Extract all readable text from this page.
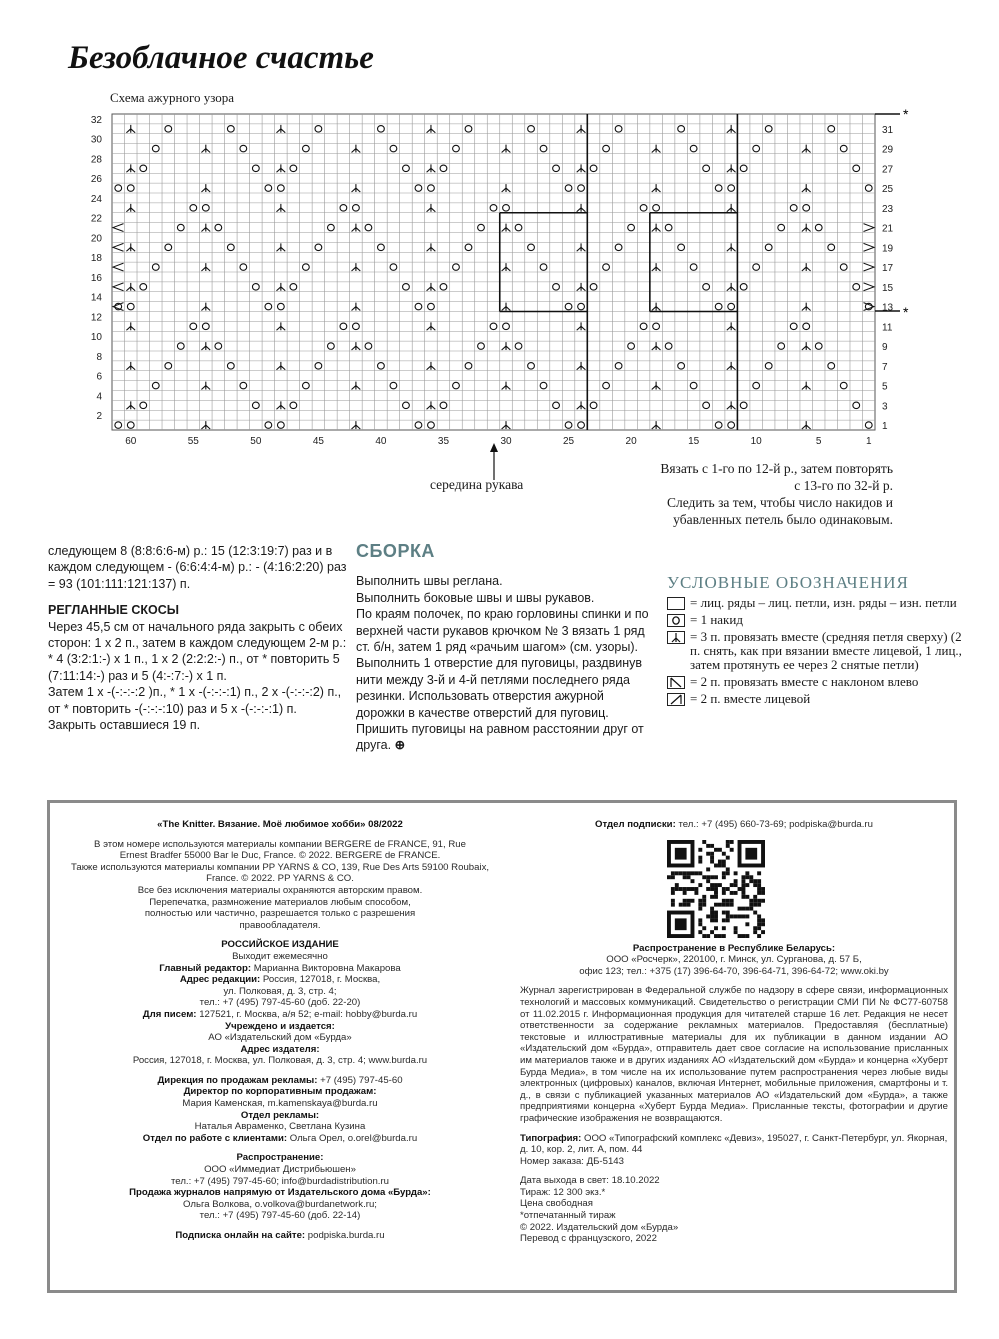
Безоблачное счастье
Схема ажурного узора
32
30
28
26
24
22
20
18
16
14
12
10
8
6
4
2
31
29
27
25
23
21
19
17
15
13
11
9
7
5
3
1
60	55	50	45	40	35	30	25	20	15	10	5	1
*
*
середина рукава
Вязать с 1-го по 12-й р., затем повторять
с 13-го по 32-й р.
Следить за тем, чтобы число накидов и
убавленных петель было одинаковым.

следующем 8 (8:8:6:6-м) р.: 15 (12:3:19:7) раз и в каждом следующем - (6:6:4:4-м) р.: - (4:16:2:20) раз = 93 (101:111:121:137) п.

РЕГЛАННЫЕ СКОСЫ

Через 45,5 см от начального ряда закрыть с обеих сторон: 1 х 2 п., затем в каждом следующем 2-м р.: * 4 (3:2:1:-) х 1 п., 1 х 2 (2:2:2:-) п., от * повторить 5 (7:11:14:-) раз и 5 (4:-:7:-) х 1 п.

Затем 1 х -(-:-:-:2 )п., * 1 х -(-:-:-:1) п., 2 х -(-:-:-:2) п., от * повторить -(-:-:-:10) раз и 5 х -(-:-:-:1) п.

Закрыть оставшиеся 19 п.

СБОРКА

Выполнить швы реглана.

Выполнить боковые швы и швы рукавов.

По краям полочек, по краю горловины спинки и по верхней части рукавов крючком № 3 вязать 1 ряд ст. б/н, затем 1 ряд «рачьим шагом» (см. узоры).

Выполнить 1 отверстие для пуговицы, раздвинув нити между 3-й и 4-й петлями последнего ряда резинки. Использовать отверстия ажурной дорожки в качестве отверстий для пуговиц. Пришить пуговицы на равном расстоянии друг от друга. ⊕

УСЛОВНЫЕ ОБОЗНАЧЕНИЯ
= лиц. ряды – лиц. петли, изн. ряды – изн. петли
= 1 накид
= 3 п. провязать вместе (средняя петля сверху) (2 п. снять, как при вязании вместе лицевой, 1 лиц., затем протянуть ее через 2 снятые петли)
= 2 п. провязать вместе с наклоном влево
= 2 п. вместе лицевой
«The Knitter. Вязание. Моё любимое хобби» 08/2022
В этом номере используются материалы компании BERGERE de FRANCE, 91, Rue Ernest Bradfer 55000 Bar le Duc, France. © 2022. BERGERE de FRANCE.
Также используются материалы компании PP YARNS & CO, 139, Rue Des Arts 59100 Roubaix, France. © 2022. PP YARNS & CO.
Все без исключения материалы охраняются авторским правом.
Перепечатка, размножение материалов любым способом, полностью или частично, разрешается только с разрешения правообладателя.
РОССИЙСКОЕ ИЗДАНИЕ
Выходит ежемесячно
Главный редактор: Марианна Викторовна Макарова
Адрес редакции: Россия, 127018, г. Москва,
ул. Полковая, д. 3, стр. 4;
тел.: +7 (495) 797-45-60 (доб. 22-20)
Для писем: 127521, г. Москва, а/я 52; e-mail: hobby@burda.ru
Учреждено и издается:
АО «Издательский дом «Бурда»
Адрес издателя:
Россия, 127018, г. Москва, ул. Полковая, д. 3, стр. 4; www.burda.ru
Дирекция по продажам рекламы: +7 (495) 797-45-60
Директор по корпоративным продажам:
Мария Каменская, m.kamenskaya@burda.ru
Отдел рекламы:
Наталья Авраменко, Светлана Кузина
Отдел по работе с клиентами: Ольга Орел, o.orel@burda.ru
Распространение:
ООО «Иммедиат Дистрибьюшен»
тел.: +7 (495) 797-45-60; info@burdadistribution.ru
Продажа журналов напрямую от Издательского дома «Бурда»:
Ольга Волкова, o.volkova@burdanetwork.ru;
тел.: +7 (495) 797-45-60 (доб. 22-14)
Подписка онлайн на сайте: podpiska.burda.ru
Отдел подписки: тел.: +7 (495) 660-73-69; podpiska@burda.ru
Распространение в Республике Беларусь:
ООО «Росчерк», 220100, г. Минск, ул. Сурганова, д. 57 Б,
офис 123; тел.: +375 (17) 396-64-70, 396-64-71, 396-64-72; www.oki.by
Журнал зарегистрирован в Федеральной службе по надзору в сфере связи, информационных технологий и массовых коммуникаций. Свидетельство о регистрации СМИ ПИ № ФС77-60758 от 11.02.2015 г. Информационная продукция для читателей старше 16 лет. Редакция не несет ответственности за содержание рекламных материалов. Предоставляя (бесплатные) текстовые и иллюстративные материалы для их публикации в данном издании АО «Издательский дом «Бурда», отправитель дает свое согласие на использование присланных им материалов также и в других изданиях АО «Издательский дом «Бурда» и концерна «Хуберт Бурда Медиа», в том числе на их использование путем распространения через любые виды электронных (цифровых) каналов, включая Интернет, мобильные приложения, смартфоны и т. д., в связи с публикацией указанных материалов АО «Издательский дом «Бурда», а также предприятиями концерна «Хуберт Бурда Медиа». Присланные тексты, фотографии и другие графические изображения не возвращаются.
Типография: ООО «Типографский комплекс «Девиз», 195027, г. Санкт-Петербург, ул. Якорная, д. 10, кор. 2, лит. А, пом. 44
Номер заказа: ДБ-5143
Дата выхода в свет: 18.10.2022
Тираж: 12 300 экз.*
Цена свободная
*отпечатанный тираж
© 2022. Издательский дом «Бурда»
Перевод с французского, 2022
